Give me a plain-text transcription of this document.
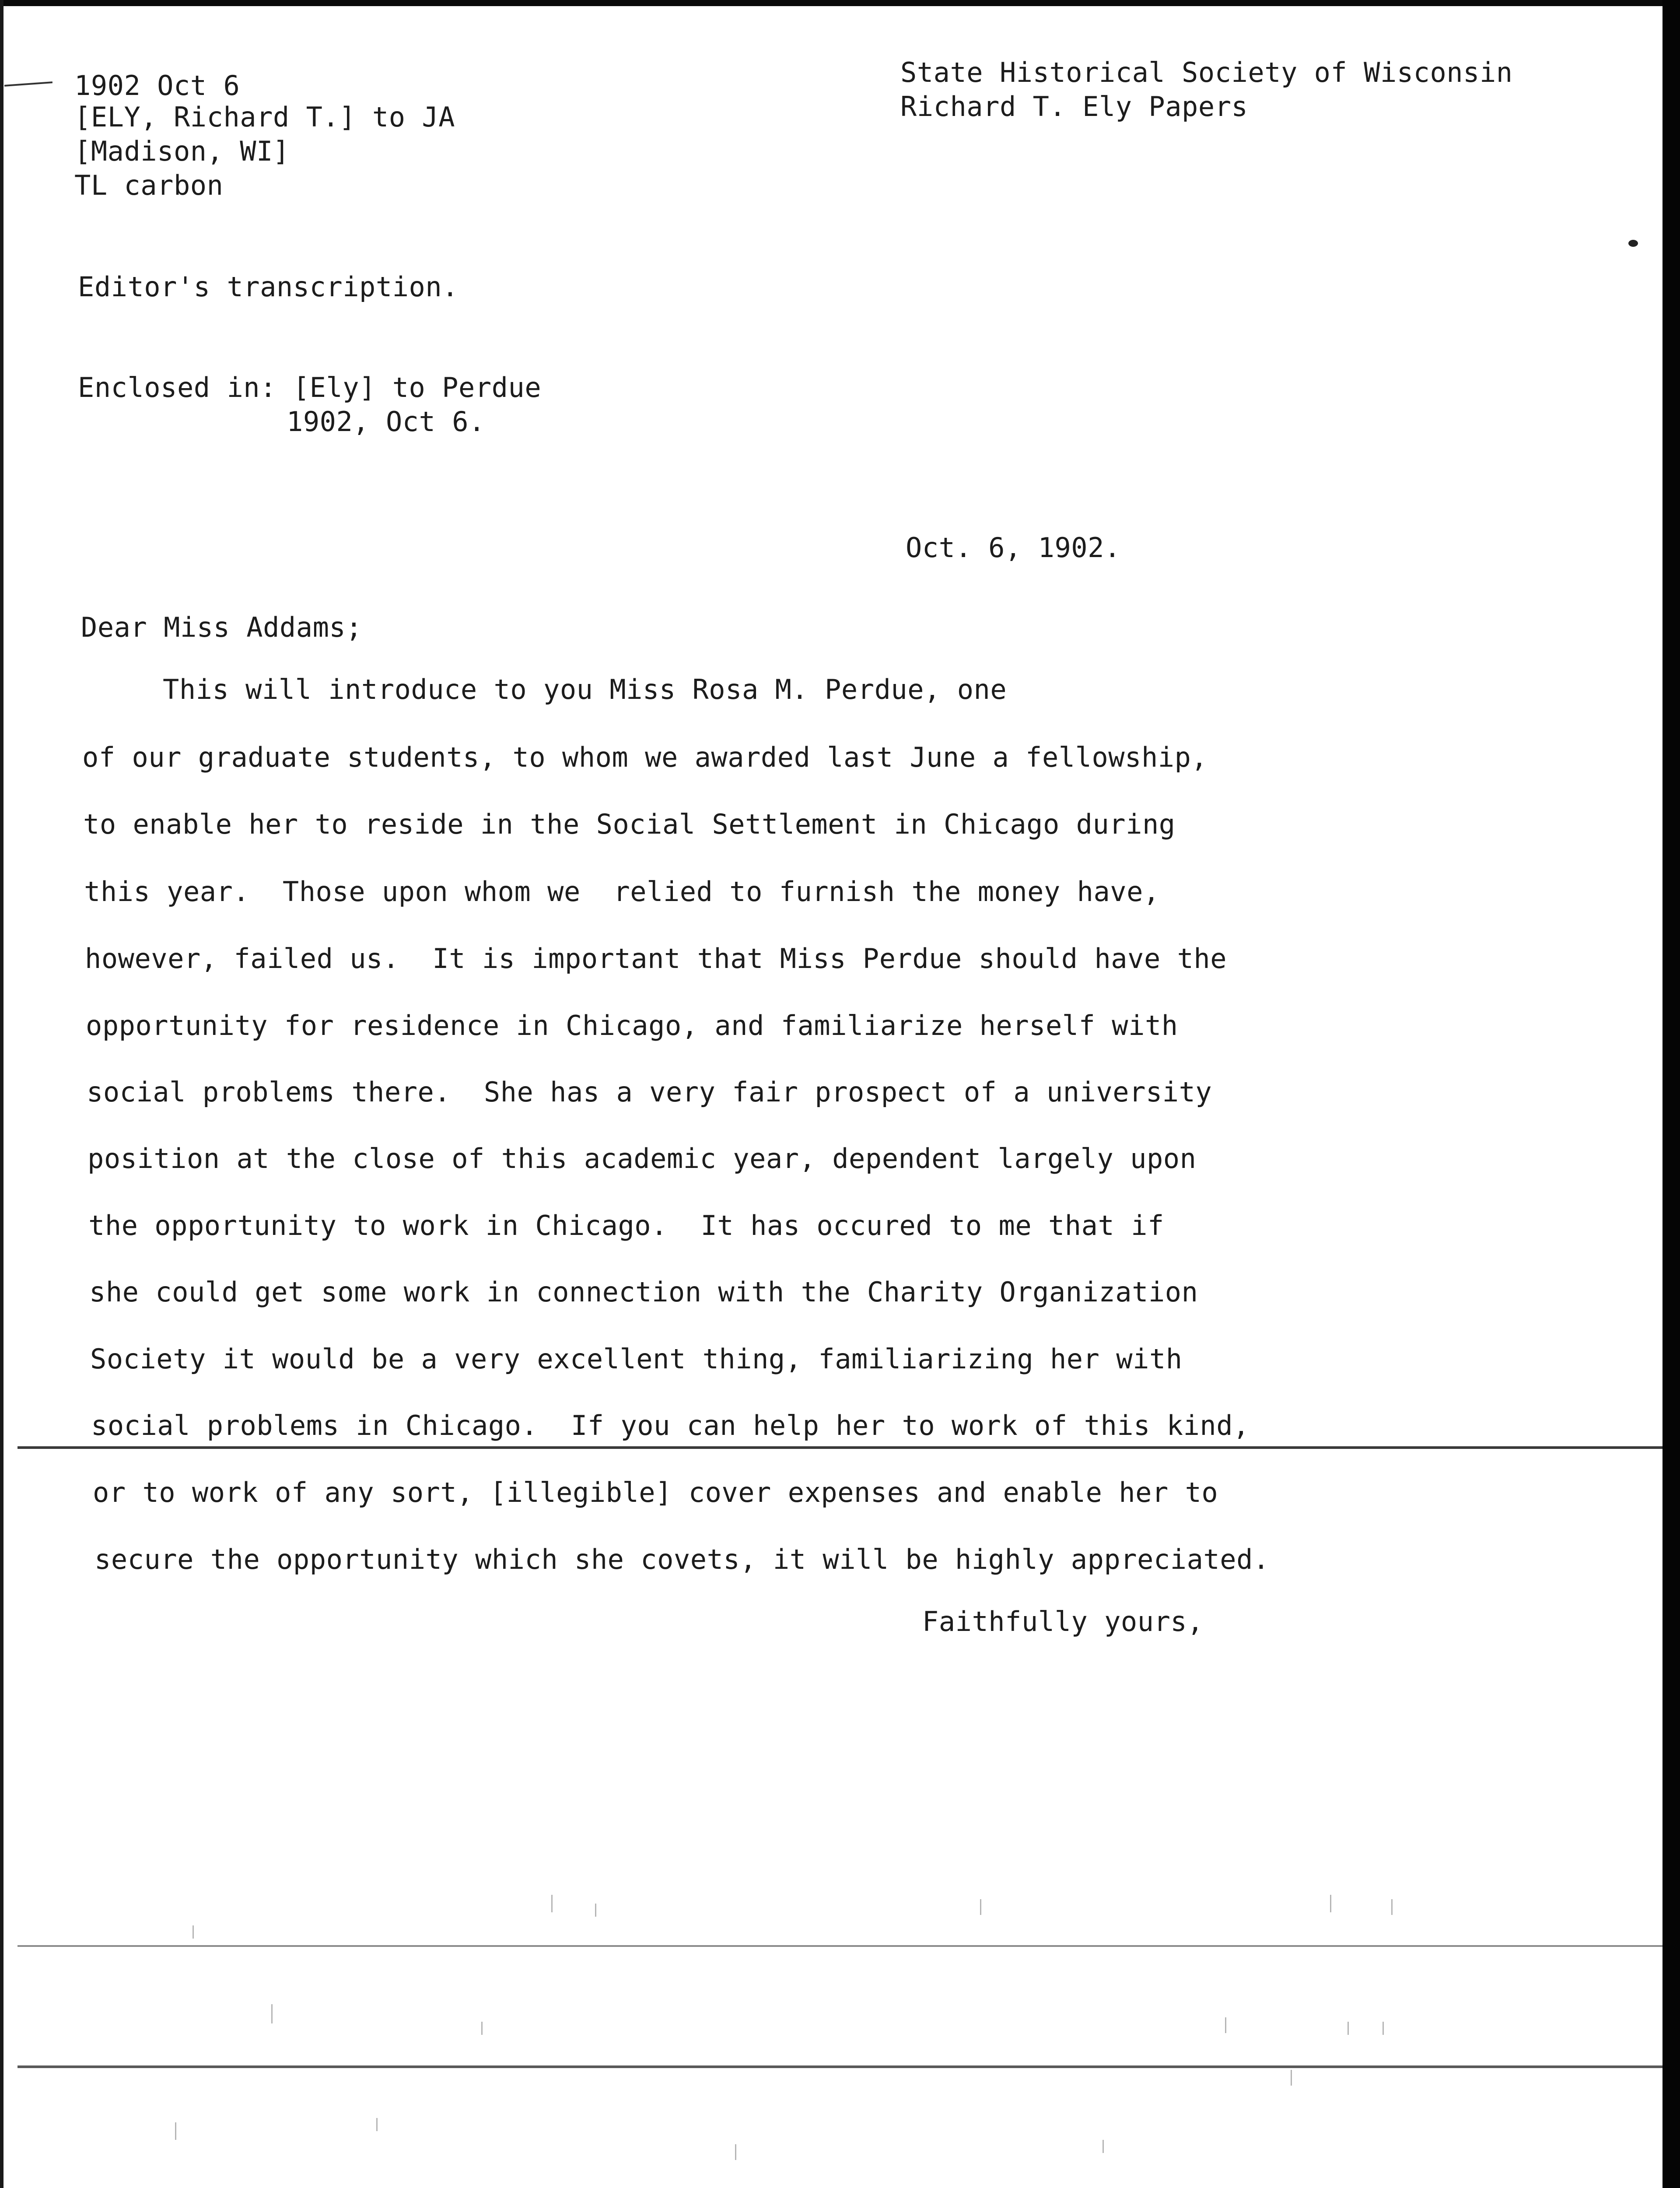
1902 Oct 6
[ELY, Richard T.] to JA
[Madison, WI]
TL carbon
State Historical Society of Wisconsin
Richard T. Ely Papers
Editor's transcription.
Enclosed in: [Ely] to Perdue
1902, Oct 6.
Oct. 6, 1902.
Dear Miss Addams;
This will introduce to you Miss Rosa M. Perdue, one
of our graduate students, to whom we awarded last June a fellowship,
to enable her to reside in the Social Settlement in Chicago during
this year.  Those upon whom we  relied to furnish the money have,
however, failed us.  It is important that Miss Perdue should have the
opportunity for residence in Chicago, and familiarize herself with
social problems there.  She has a very fair prospect of a university
position at the close of this academic year, dependent largely upon
the opportunity to work in Chicago.  It has occured to me that if
she could get some work in connection with the Charity Organization
Society it would be a very excellent thing, familiarizing her with
social problems in Chicago.  If you can help her to work of this kind,
or to work of any sort, [illegible] cover expenses and enable her to
secure the opportunity which she covets, it will be highly appreciated.
Faithfully yours,
